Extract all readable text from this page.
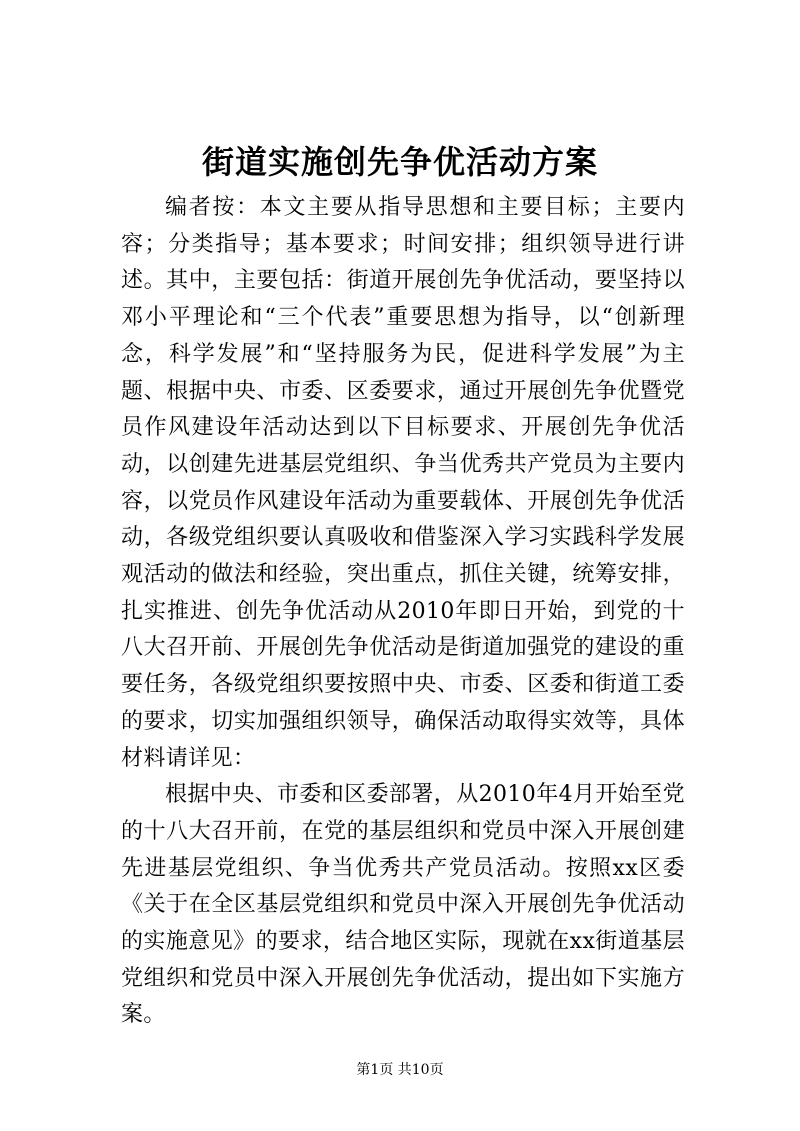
街道实施创先争优活动方案

编者按：本文主要从指导思想和主要目标；主要内容；分类指导；基本要求；时间安排；组织领导进行讲述。其中，主要包括：街道开展创先争优活动，要坚持以邓小平理论和“三个代表”重要思想为指导，以“创新理念，科学发展”和“坚持服务为民，促进科学发展”为主题、根据中央、市委、区委要求，通过开展创先争优暨党员作风建设年活动达到以下目标要求、开展创先争优活动，以创建先进基层党组织、争当优秀共产党员为主要内容，以党员作风建设年活动为重要载体、开展创先争优活动，各级党组织要认真吸收和借鉴深入学习实践科学发展观活动的做法和经验，突出重点，抓住关键，统筹安排，扎实推进、创先争优活动从2010年即日开始，到党的十八大召开前、开展创先争优活动是街道加强党的建设的重要任务，各级党组织要按照中央、市委、区委和街道工委的要求，切实加强组织领导，确保活动取得实效等，具体材料请详见：

根据中央、市委和区委部署，从2010年4月开始至党的十八大召开前，在党的基层组织和党员中深入开展创建先进基层党组织、争当优秀共产党员活动。按照xx区委《关于在全区基层党组织和党员中深入开展创先争优活动的实施意见》的要求，结合地区实际，现就在xx街道基层党组织和党员中深入开展创先争优活动，提出如下实施方案。

第1页 共10页
